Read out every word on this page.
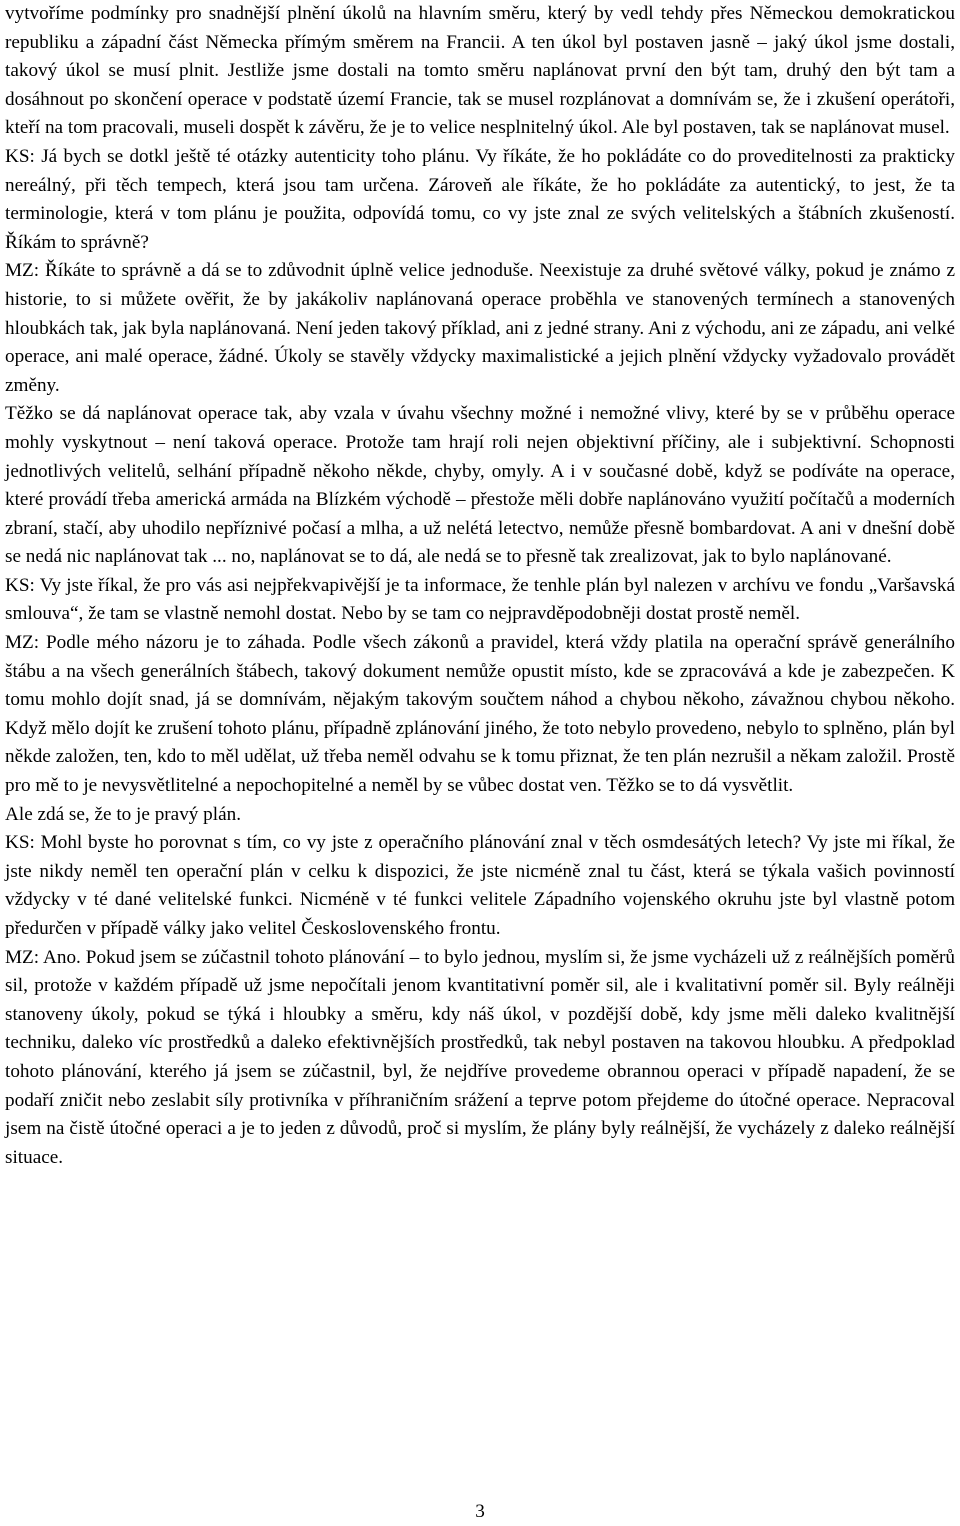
vytvoříme podmínky pro snadnější plnění úkolů na hlavním směru, který by vedl tehdy přes Německou demokratickou republiku a západní část Německa přímým směrem na Francii. A ten úkol byl postaven jasně – jaký úkol jsme dostali, takový úkol se musí plnit. Jestliže jsme dostali na tomto směru naplánovat první den být tam, druhý den být tam a dosáhnout po skončení operace v podstatě území Francie, tak se musel rozplánovat a domnívám se, že i zkušení operátoři, kteří na tom pracovali, museli dospět k závěru, že je to velice nesplnitelný úkol. Ale byl postaven, tak se naplánovat musel.

KS: Já bych se dotkl ještě té otázky autenticity toho plánu. Vy říkáte, že ho pokládáte co do proveditelnosti za prakticky nereálný, při těch tempech, která jsou tam určena. Zároveň ale říkáte, že ho pokládáte za autentický, to jest, že ta terminologie, která v tom plánu je použita, odpovídá tomu, co vy jste znal ze svých velitelských a štábních zkušeností. Říkám to správně?

MZ: Říkáte to správně a dá se to zdůvodnit úplně velice jednoduše. Neexistuje za druhé světové války, pokud je známo z historie, to si můžete ověřit, že by jakákoliv naplánovaná operace proběhla ve stanovených termínech a stanovených hloubkách tak, jak byla naplánovaná. Není jeden takový příklad, ani z jedné strany. Ani z východu, ani ze západu, ani velké operace, ani malé operace, žádné. Úkoly se stavěly vždycky maximalistické a jejich plnění vždycky vyžadovalo provádět změny.

Těžko se dá naplánovat operace tak, aby vzala v úvahu všechny možné i nemožné vlivy, které by se v průběhu operace mohly vyskytnout – není taková operace. Protože tam hrají roli nejen objektivní příčiny, ale i subjektivní. Schopnosti jednotlivých velitelů, selhání případně někoho někde, chyby, omyly. A i v současné době, když se podíváte na operace, které provádí třeba americká armáda na Blízkém východě – přestože měli dobře naplánováno využití počítačů a moderních zbraní, stačí, aby uhodilo nepříznivé počasí a mlha, a už nelétá letectvo, nemůže přesně bombardovat. A ani v dnešní době se nedá nic naplánovat tak ... no, naplánovat se to dá, ale nedá se to přesně tak zrealizovat, jak to bylo naplánované.

KS: Vy jste říkal, že pro vás asi nejpřekvapivější je ta informace, že tenhle plán byl nalezen v archívu ve fondu „Varšavská smlouva“, že tam se vlastně nemohl dostat. Nebo by se tam co nejpravděpodobněji dostat prostě neměl.

MZ: Podle mého názoru je to záhada. Podle všech zákonů a pravidel, která vždy platila na operační správě generálního štábu a na všech generálních štábech, takový dokument nemůže opustit místo, kde se zpracovává a kde je zabezpečen. K tomu mohlo dojít snad, já se domnívám, nějakým takovým součtem náhod a chybou někoho, závažnou chybou někoho. Když mělo dojít ke zrušení tohoto plánu, případně zplánování jiného, že toto nebylo provedeno, nebylo to splněno, plán byl někde založen, ten, kdo to měl udělat, už třeba neměl odvahu se k tomu přiznat, že ten plán nezrušil a někam založil. Prostě pro mě to je nevysvětlitelné a nepochopitelné a neměl by se vůbec dostat ven. Těžko se to dá vysvětlit.

Ale zdá se, že to je pravý plán.

KS: Mohl byste ho porovnat s tím, co vy jste z operačního plánování znal v těch osmdesátých letech? Vy jste mi říkal, že jste nikdy neměl ten operační plán v celku k dispozici, že jste nicméně znal tu část, která se týkala vašich povinností vždycky v té dané velitelské funkci. Nicméně v té funkci velitele Západního vojenského okruhu jste byl vlastně potom předurčen v případě války jako velitel Československého frontu.

MZ: Ano. Pokud jsem se zúčastnil tohoto plánování – to bylo jednou, myslím si, že jsme vycházeli už z reálnějších poměrů sil, protože v každém případě už jsme nepočítali jenom kvantitativní poměr sil, ale i kvalitativní poměr sil. Byly reálněji stanoveny úkoly, pokud se týká i hloubky a směru, kdy náš úkol, v pozdější době, kdy jsme měli daleko kvalitnější techniku, daleko víc prostředků a daleko efektivnějších prostředků, tak nebyl postaven na takovou hloubku. A předpoklad tohoto plánování, kterého já jsem se zúčastnil, byl, že nejdříve provedeme obrannou operaci v případě napadení, že se podaří zničit nebo zeslabit síly protivníka v příhraničním srážení a teprve potom přejdeme do útočné operace. Nepracoval jsem na čistě útočné operaci a je to jeden z důvodů, proč si myslím, že plány byly reálnější, že vycházely z daleko reálnější situace.

3
